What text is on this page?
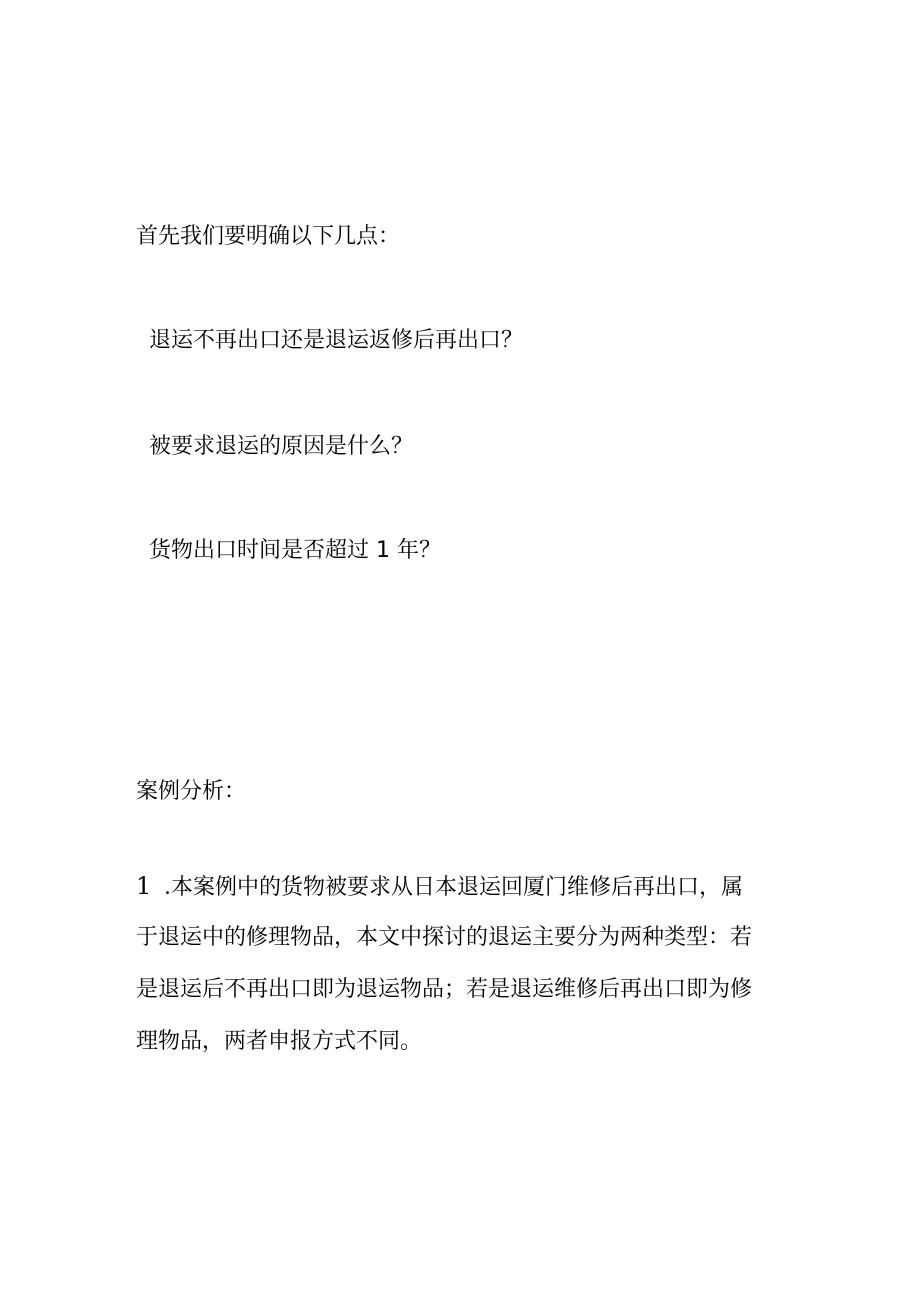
首先我们要明确以下几点：

退运不再出口还是退运返修后再出口？

被要求退运的原因是什么？

货物出口时间是否超过 1 年？

案例分析：

1 .本案例中的货物被要求从日本退运回厦门维修后再出口，属
于退运中的修理物品，本文中探讨的退运主要分为两种类型：若
是退运后不再出口即为退运物品；若是退运维修后再出口即为修
理物品，两者申报方式不同。
